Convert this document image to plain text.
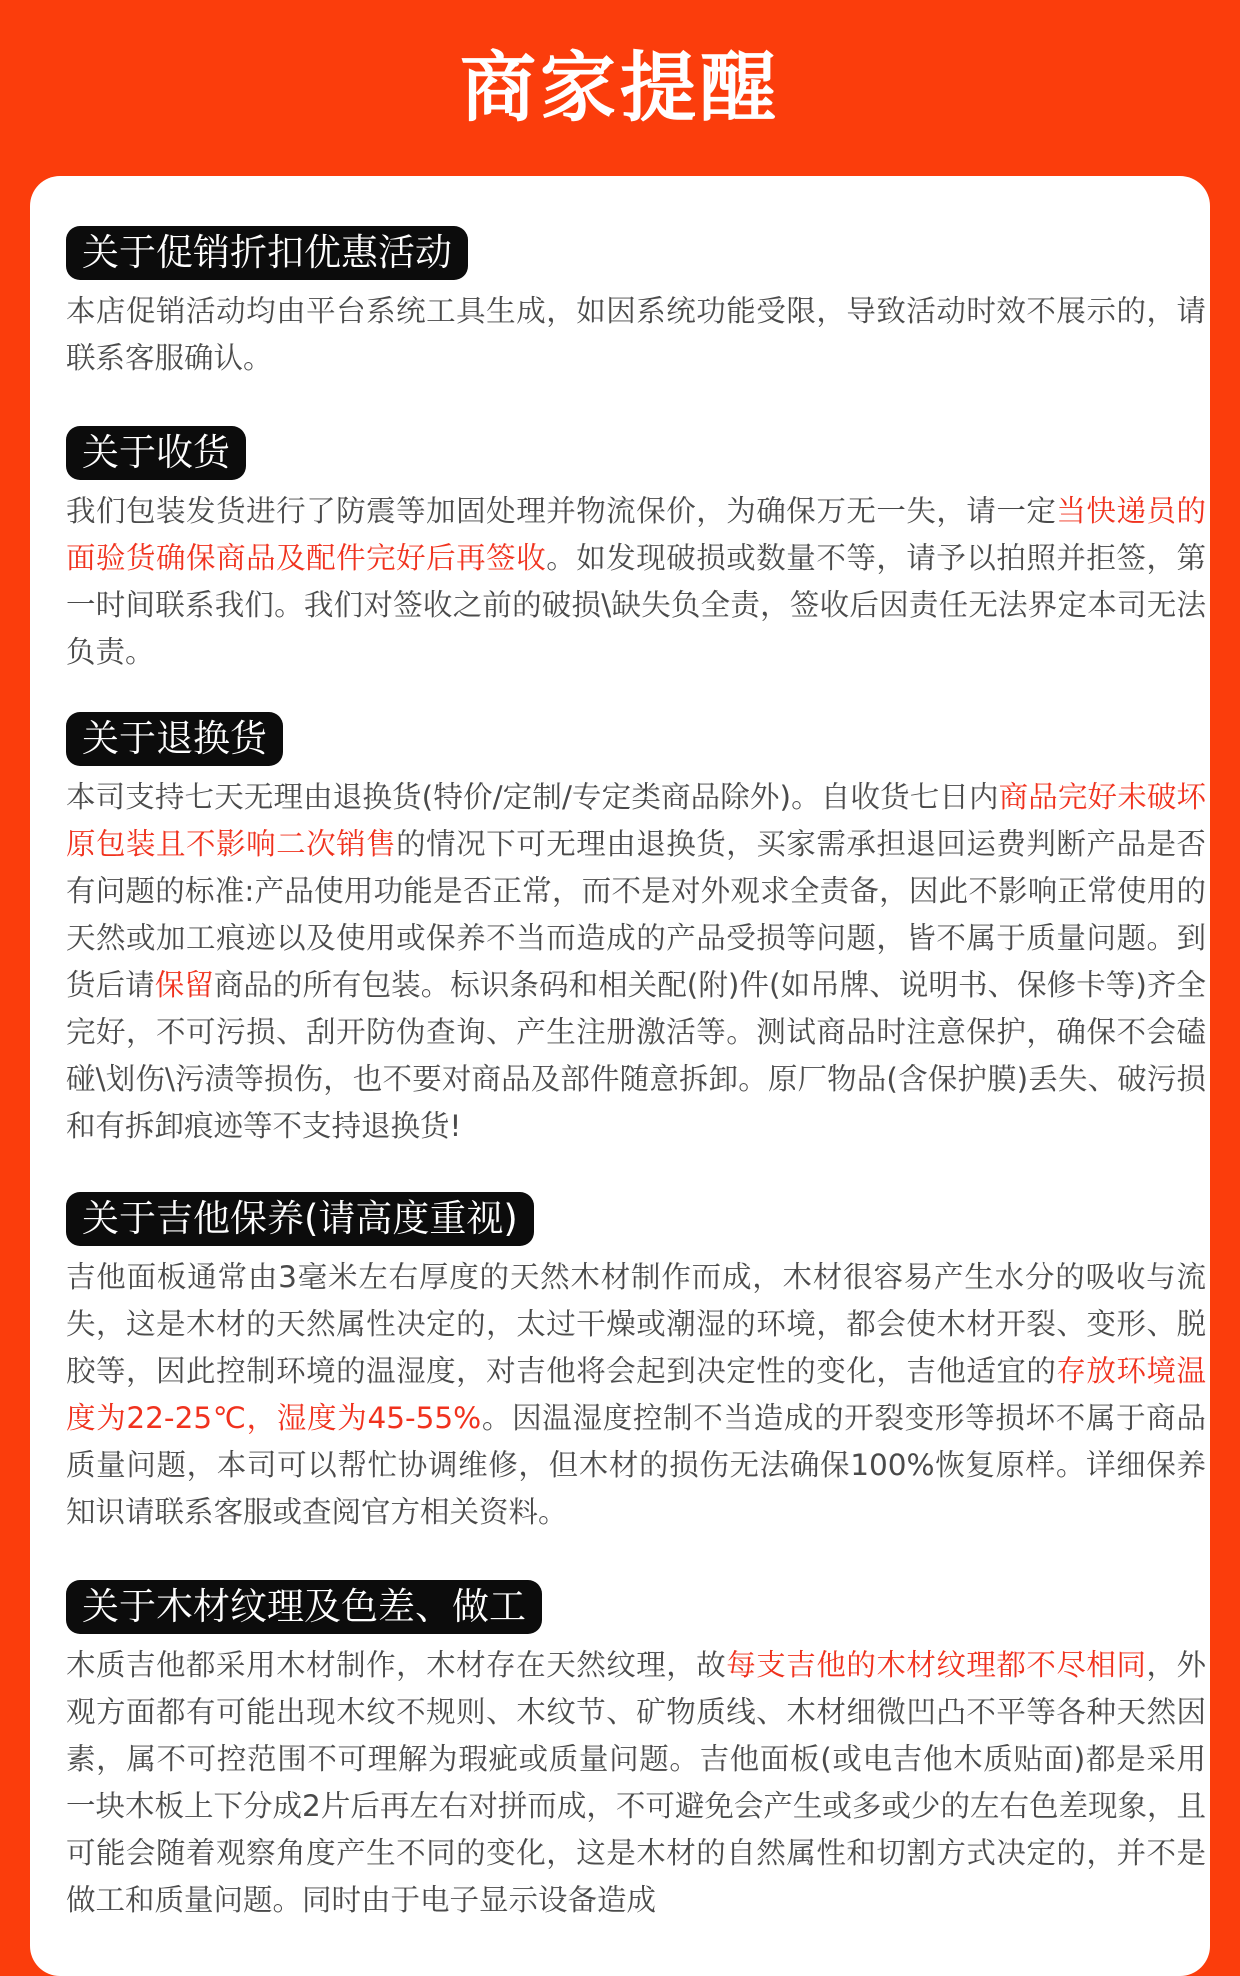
商家提醒
关于促销折扣优惠活动
本店促销活动均由平台系统工具生成，如因系统功能受限，导致活动时效不展示的，请联系客服确认。
关于收货
我们包装发货进行了防震等加固处理并物流保价，为确保万无一失，请一定当快递员的面验货确保商品及配件完好后再签收。如发现破损或数量不等，请予以拍照并拒签，第一时间联系我们。我们对签收之前的破损\缺失负全责，签收后因责任无法界定本司无法负责。
关于退换货
本司支持七天无理由退换货(特价/定制/专定类商品除外)。自收货七日内商品完好未破坏原包装且不影响二次销售的情况下可无理由退换货，买家需承担退回运费判断产品是否有问题的标准:产品使用功能是否正常，而不是对外观求全责备，因此不影响正常使用的天然或加工痕迹以及使用或保养不当而造成的产品受损等问题，皆不属于质量问题。到货后请保留商品的所有包装。标识条码和相关配(附)件(如吊牌、说明书、保修卡等)齐全完好，不可污损、刮开防伪查询、产生注册激活等。测试商品时注意保护，确保不会磕碰\划伤\污渍等损伤，也不要对商品及部件随意拆卸。原厂物品(含保护膜)丢失、破污损和有拆卸痕迹等不支持退换货!
关于吉他保养(请高度重视)
吉他面板通常由3毫米左右厚度的天然木材制作而成，木材很容易产生水分的吸收与流失，这是木材的天然属性决定的，太过干燥或潮湿的环境，都会使木材开裂、变形、脱胶等，因此控制环境的温湿度，对吉他将会起到决定性的变化，吉他适宜的存放环境温度为22-25℃，湿度为45-55%。因温湿度控制不当造成的开裂变形等损坏不属于商品质量问题，本司可以帮忙协调维修，但木材的损伤无法确保100%恢复原样。详细保养知识请联系客服或查阅官方相关资料。
关于木材纹理及色差、做工
木质吉他都采用木材制作，木材存在天然纹理，故每支吉他的木材纹理都不尽相同，外观方面都有可能出现木纹不规则、木纹节、矿物质线、木材细微凹凸不平等各种天然因素，属不可控范围不可理解为瑕疵或质量问题。吉他面板(或电吉他木质贴面)都是采用一块木板上下分成2片后再左右对拼而成，不可避免会产生或多或少的左右色差现象，且可能会随着观察角度产生不同的变化，这是木材的自然属性和切割方式决定的，并不是做工和质量问题。同时由于电子显示设备造成
